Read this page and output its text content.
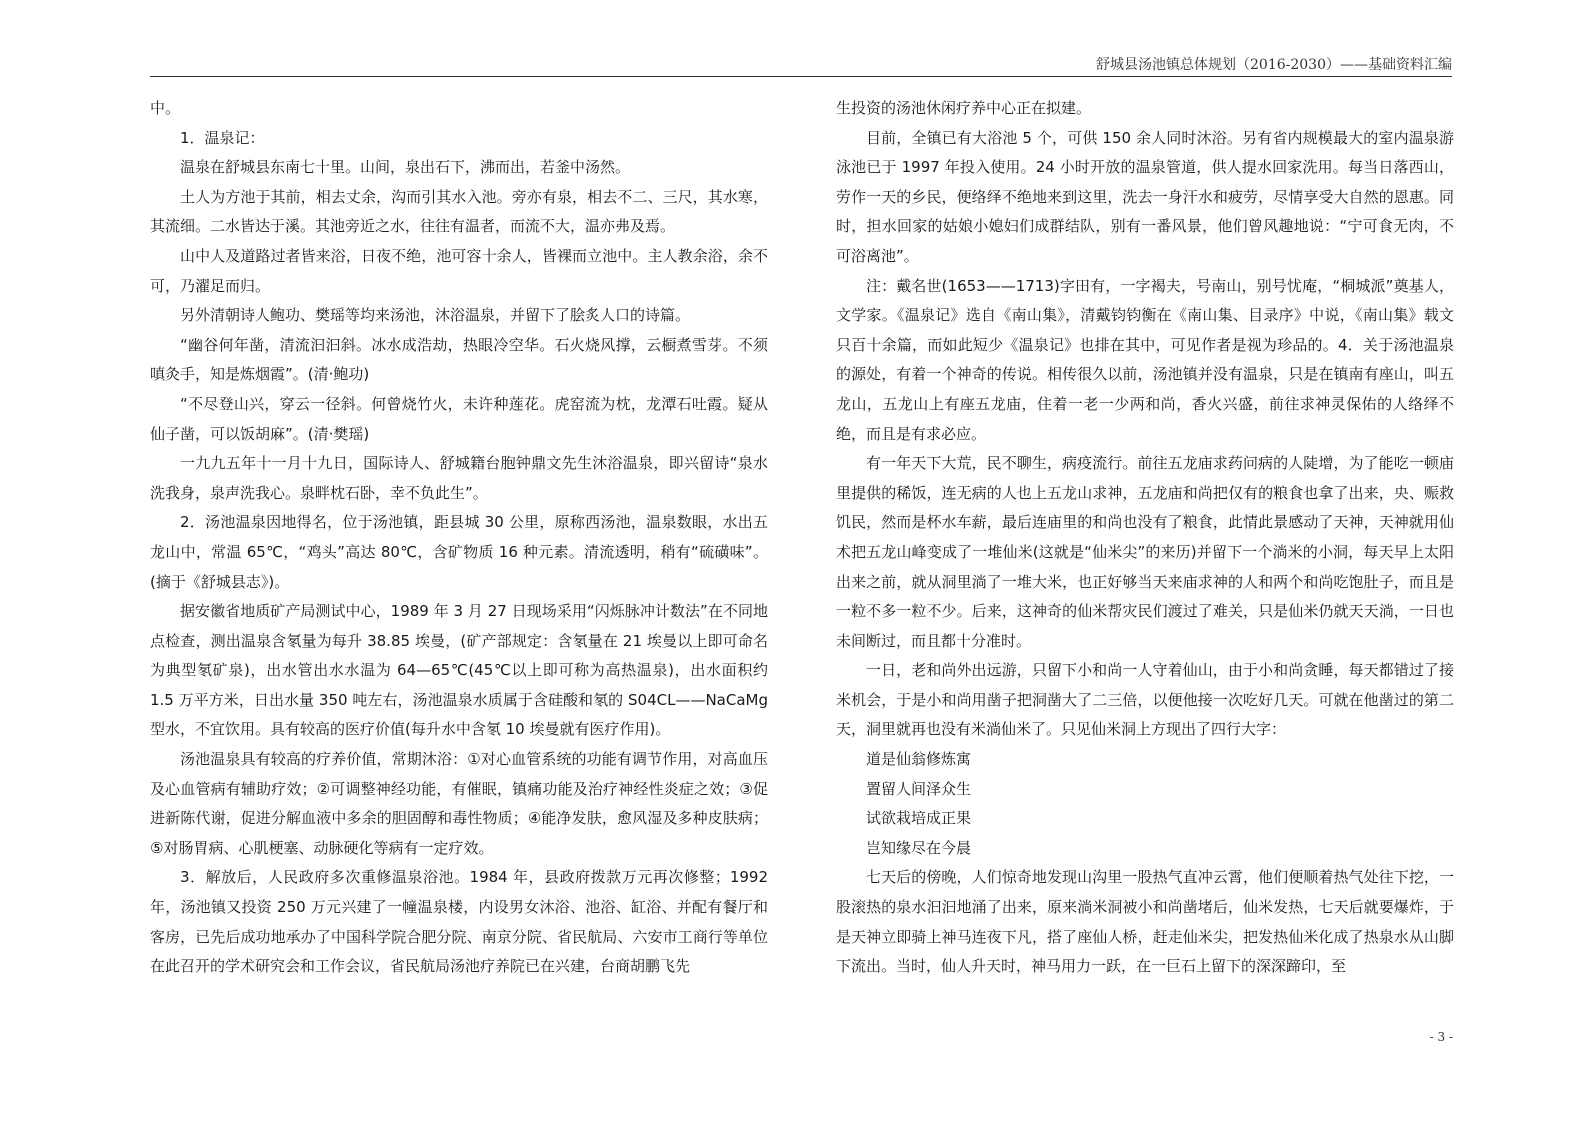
舒城县汤池镇总体规划（2016-2030）——基础资料汇编

中。

1．温泉记：

温泉在舒城县东南七十里。山间，泉出石下，沸而出，若釜中汤然。

土人为方池于其前，相去丈余，沟而引其水入池。旁亦有泉，相去不二、三尺，其水寒，其流细。二水皆达于溪。其池旁近之水，往往有温者，而流不大，温亦弗及焉。

山中人及道路过者皆来浴，日夜不绝，池可容十余人，皆裸而立池中。主人教余浴，余不可，乃濯足而归。

另外清朝诗人鲍功、樊瑶等均来汤池，沐浴温泉，并留下了脍炙人口的诗篇。

“幽谷何年凿，清流汩汩斜。冰水成浩劫，热眼冷空华。石火烧风撑，云橱煮雪芽。不须嗔灸手，知是炼烟霞”。(清·鲍功)

“不尽登山兴，穿云一径斜。何曾烧竹火，未许种莲花。虎窑流为枕，龙潭石吐霞。疑从仙子凿，可以饭胡麻”。(清·樊瑶)

一九九五年十一月十九日，国际诗人、舒城籍台胞钟鼎文先生沐浴温泉，即兴留诗“泉水洗我身，泉声洗我心。泉畔枕石卧，幸不负此生”。

2．汤池温泉因地得名，位于汤池镇，距县城 30 公里，原称西汤池，温泉数眼，水出五龙山中，常温 65℃，“鸡头”高达 80℃，含矿物质 16 种元素。清流透明，稍有“硫磺味”。(摘于《舒城县志》)。

据安徽省地质矿产局测试中心，1989 年 3 月 27 日现场采用“闪烁脉冲计数法”在不同地点检查，测出温泉含氡量为每升 38.85 埃曼，(矿产部规定：含氡量在 21 埃曼以上即可命名为典型氡矿泉)，出水管出水水温为 64—65℃(45℃以上即可称为高热温泉)，出水面积约 1.5 万平方米，日出水量 350 吨左右，汤池温泉水质属于含硅酸和氡的 S04CL——NaCaMg 型水，不宜饮用。具有较高的医疗价值(每升水中含氡 10 埃曼就有医疗作用)。

汤池温泉具有较高的疗养价值，常期沐浴：①对心血管系统的功能有调节作用，对高血压及心血管病有辅助疗效；②可调整神经功能，有催眠，镇痛功能及治疗神经性炎症之效；③促进新陈代谢，促进分解血液中多余的胆固醇和毒性物质；④能净发肤，愈风湿及多种皮肤病；⑤对肠胃病、心肌梗塞、动脉硬化等病有一定疗效。

3．解放后，人民政府多次重修温泉浴池。1984 年，县政府拨款万元再次修整；1992 年，汤池镇又投资 250 万元兴建了一幢温泉楼，内设男女沐浴、池浴、缸浴、并配有餐厅和客房，已先后成功地承办了中国科学院合肥分院、南京分院、省民航局、六安市工商行等单位在此召开的学术研究会和工作会议，省民航局汤池疗养院已在兴建，台商胡鹏飞先

生投资的汤池休闲疗养中心正在拟建。

目前，全镇已有大浴池 5 个，可供 150 余人同时沐浴。另有省内规模最大的室内温泉游泳池已于 1997 年投入使用。24 小时开放的温泉管道，供人提水回家洗用。每当日落西山，劳作一天的乡民，便络绎不绝地来到这里，洗去一身汗水和疲劳，尽情享受大自然的恩惠。同时，担水回家的姑娘小媳妇们成群结队，别有一番风景，他们曾风趣地说：“宁可食无肉，不可浴离池”。

注：戴名世(1653——1713)字田有，一字褐夫，号南山，别号忧庵，“桐城派”奠基人，文学家。《温泉记》选自《南山集》，清戴钧钧衡在《南山集、目录序》中说，《南山集》载文只百十余篇，而如此短少《温泉记》也排在其中，可见作者是视为珍品的。4．关于汤池温泉的源处，有着一个神奇的传说。相传很久以前，汤池镇并没有温泉，只是在镇南有座山，叫五龙山，五龙山上有座五龙庙，住着一老一少两和尚，香火兴盛，前往求神灵保佑的人络绎不绝，而且是有求必应。

有一年天下大荒，民不聊生，病疫流行。前往五龙庙求药问病的人陡增，为了能吃一顿庙里提供的稀饭，连无病的人也上五龙山求神，五龙庙和尚把仅有的粮食也拿了出来，央、赈救饥民，然而是杯水车薪，最后连庙里的和尚也没有了粮食，此情此景感动了天神，天神就用仙术把五龙山峰变成了一堆仙米(这就是“仙米尖”的来历)并留下一个淌米的小洞，每天早上太阳出来之前，就从洞里淌了一堆大米，也正好够当天来庙求神的人和两个和尚吃饱肚子，而且是一粒不多一粒不少。后来，这神奇的仙米帮灾民们渡过了难关，只是仙米仍就天天淌，一日也未间断过，而且都十分准时。

一日，老和尚外出远游，只留下小和尚一人守着仙山，由于小和尚贪睡，每天都错过了接米机会，于是小和尚用凿子把洞凿大了二三倍，以便他接一次吃好几天。可就在他凿过的第二天，洞里就再也没有米淌仙米了。只见仙米洞上方现出了四行大字：

道是仙翁修炼寓

置留人间泽众生

试欲栽培成正果

岂知缘尽在今晨

七天后的傍晚，人们惊奇地发现山沟里一股热气直冲云霄，他们便顺着热气处往下挖，一股滚热的泉水汩汩地涌了出来，原来淌米洞被小和尚凿堵后，仙米发热，七天后就要爆炸，于是天神立即骑上神马连夜下凡，搭了座仙人桥，赶走仙米尖，把发热仙米化成了热泉水从山脚下流出。当时，仙人升天时，神马用力一跃，在一巨石上留下的深深蹄印，至

- 3 -
